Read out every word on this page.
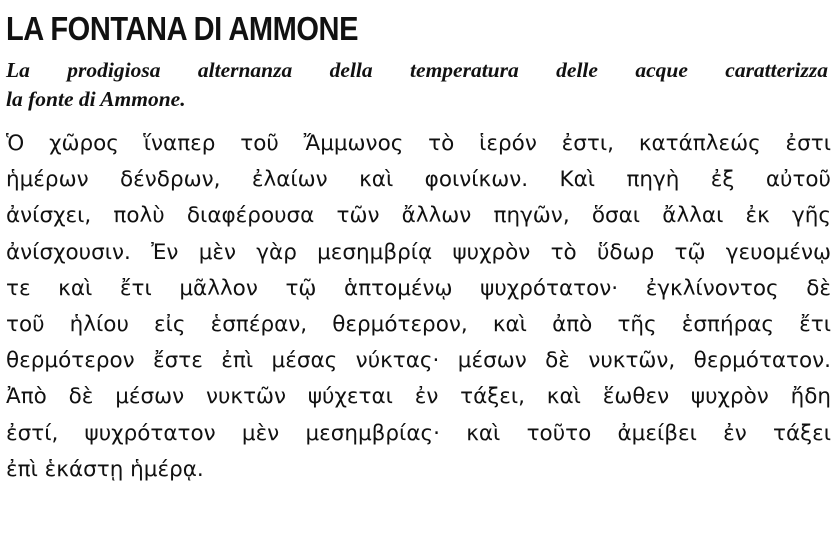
LA FONTANA DI AMMONE
La prodigiosa alternanza della temperatura delle acque caratterizza
la fonte di Ammone.
Ὁ χῶρος ἵναπερ τοῦ Ἄμμωνος τὸ ἱερόν ἐστι, κατάπλεώς ἐστι
ἡμέρων δένδρων, ἐλαίων καὶ φοινίκων. Καὶ πηγὴ ἐξ αὐτοῦ
ἀνίσχει, πολὺ διαφέρουσα τῶν ἄλλων πηγῶν, ὅσαι ἄλλαι ἐκ γῆς
ἀνίσχουσιν. Ἐν μὲν γὰρ μεσημβρίᾳ ψυχρὸν τὸ ὕδωρ τῷ γευομένῳ
τε καὶ ἔτι μᾶλλον τῷ ἁπτομένῳ ψυχρότατον· ἐγκλίνοντος δὲ
τοῦ ἡλίου εἰς ἑσπέραν, θερμότερον, καὶ ἀπὸ τῆς ἑσπήρας ἔτι
θερμότερον ἔστε ἐπὶ μέσας νύκτας· μέσων δὲ νυκτῶν, θερμότατον.
Ἀπὸ δὲ μέσων νυκτῶν ψύχεται ἐν τάξει, καὶ ἕωθεν ψυχρὸν ἤδη
ἐστί, ψυχρότατον μὲν μεσημβρίας· καὶ τοῦτο ἀμείβει ἐν τάξει
ἐπὶ ἑκάστῃ ἡμέρᾳ.
